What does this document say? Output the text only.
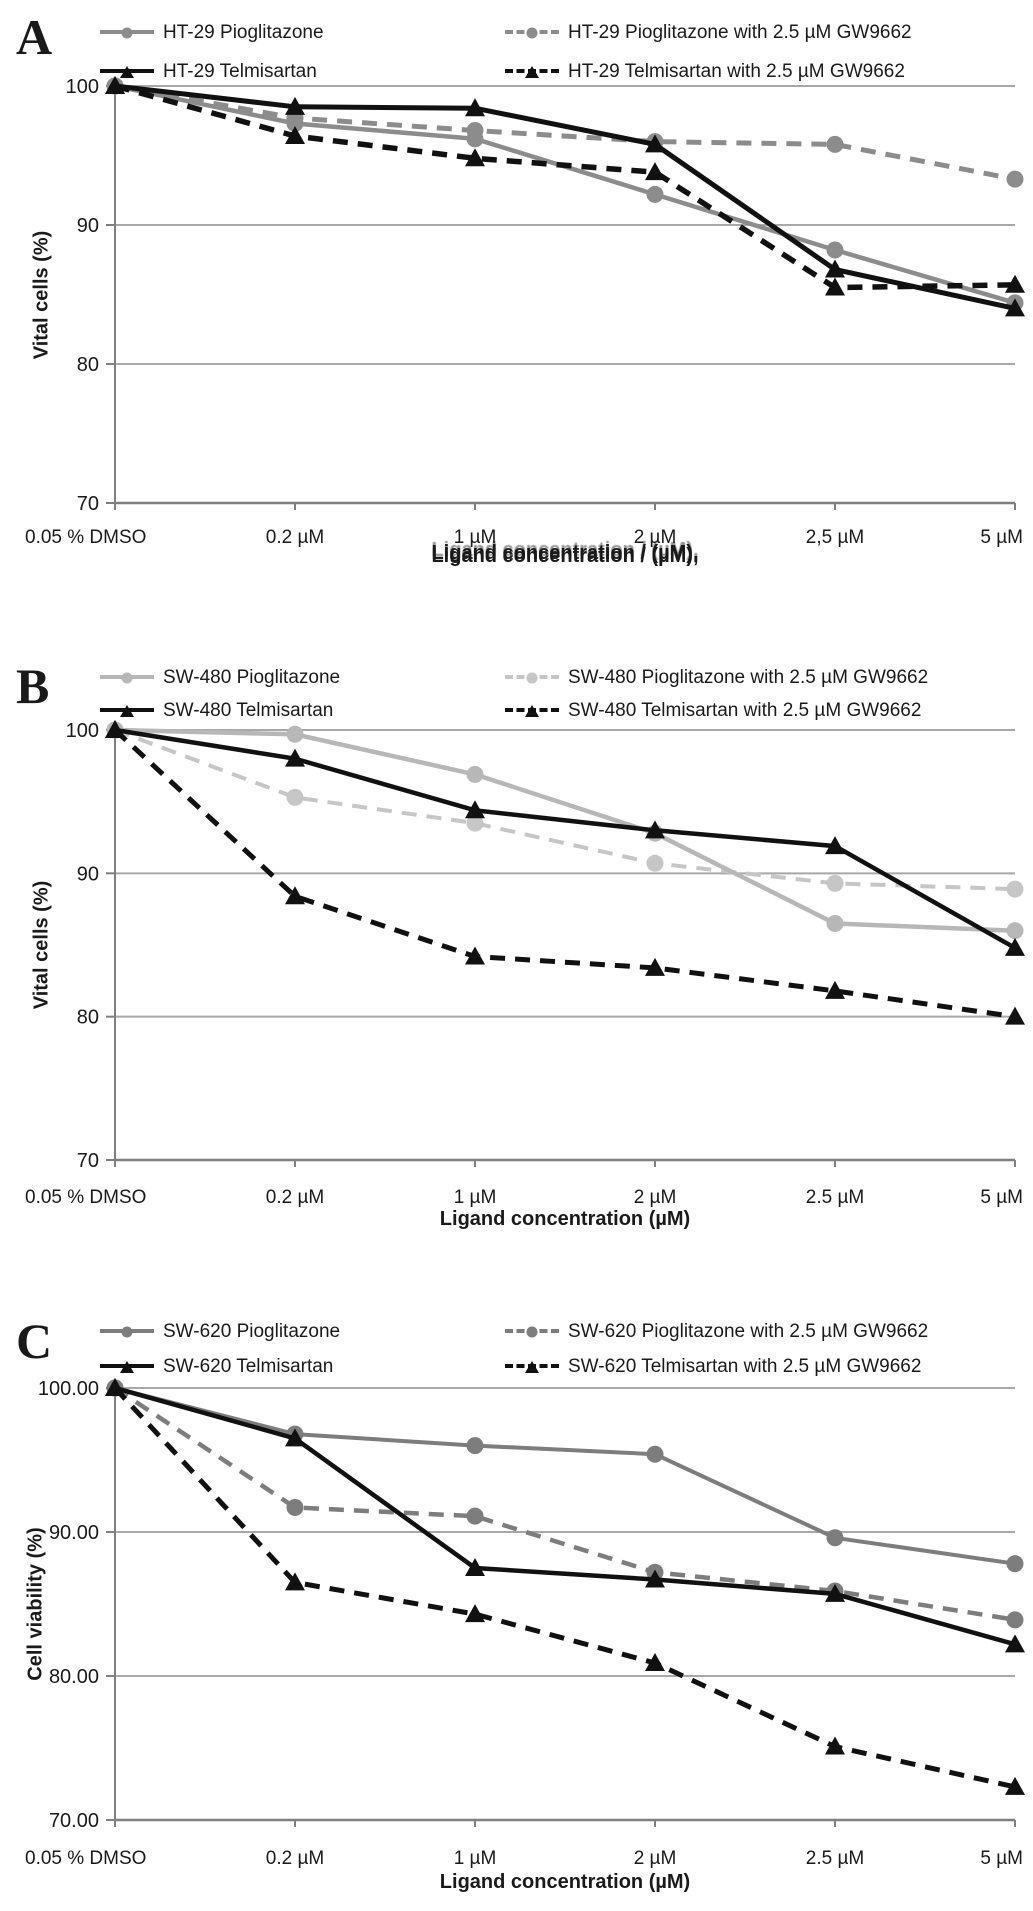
100
90
80
70
0.05 % DMSO	0.2 µM	1 µM	2 µM	2,5 µM	5 µM
A	HT-29 Pioglitazone	HT-29 Pioglitazone with 2.5 µM GW9662
HT-29 Telmisartan	HT-29 Telmisartan with 2.5 µM GW9662
Vital cells (%)
Ligand concentration / (µM),
100
90
80
70
0.05 % DMSO	0.2 µM	1 µM	2 µM	2.5 µM	5 µM
B	SW-480 Pioglitazone	SW-480 Pioglitazone with 2.5 µM GW9662
SW-480 Telmisartan	SW-480 Telmisartan with 2.5 µM GW9662
Vital cells (%)
Ligand concentration (µM)
100.00
90.00
80.00
70.00
0.05 % DMSO	0.2 µM	1 µM	2 µM	2.5 µM	5 µM
C	SW-620 Pioglitazone	SW-620 Pioglitazone with 2.5 µM GW9662
SW-620 Telmisartan	SW-620 Telmisartan with 2.5 µM GW9662
Cell viability (%)
Ligand concentration (µM)
